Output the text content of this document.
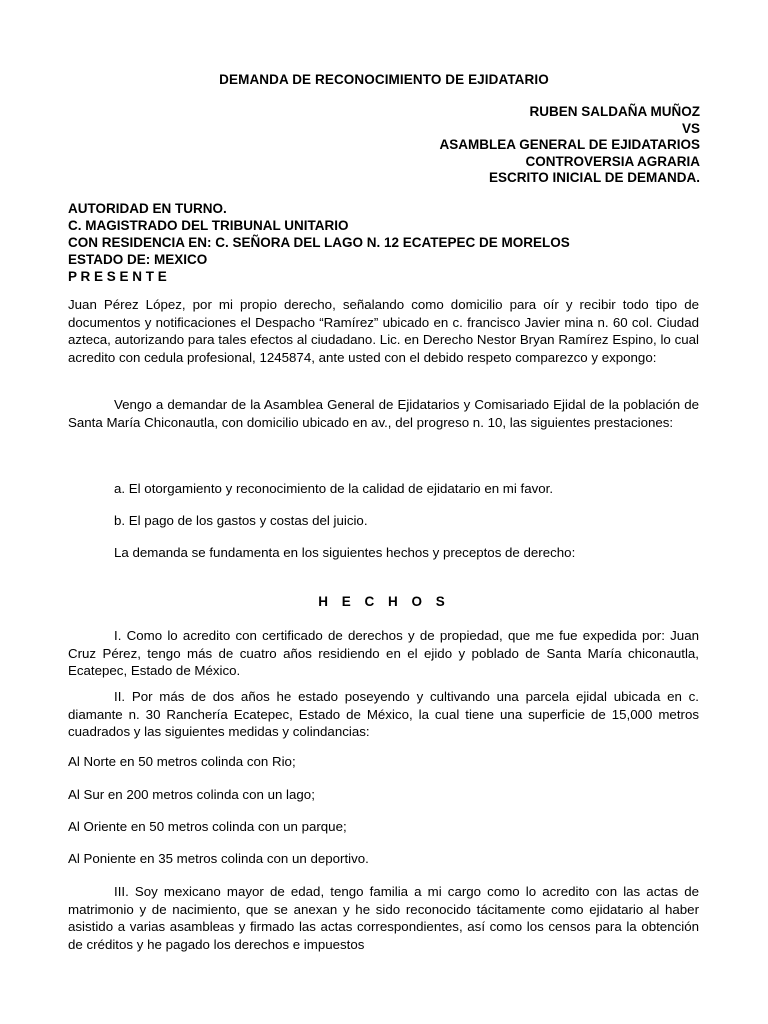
DEMANDA DE RECONOCIMIENTO DE EJIDATARIO
RUBEN SALDAÑA MUÑOZ
VS
ASAMBLEA GENERAL DE EJIDATARIOS
CONTROVERSIA AGRARIA
ESCRITO INICIAL DE DEMANDA.
AUTORIDAD EN TURNO.
C. MAGISTRADO DEL TRIBUNAL UNITARIO
CON RESIDENCIA EN: C. SEÑORA DEL LAGO N. 12 ECATEPEC DE MORELOS
ESTADO DE: MEXICO
P R E S E N T E

Juan Pérez López, por mi propio derecho, señalando como domicilio para oír y recibir todo tipo de documentos y notificaciones el Despacho “Ramírez” ubicado en c. francisco Javier mina n. 60 col. Ciudad azteca, autorizando para tales efectos al ciudadano. Lic. en Derecho Nestor Bryan Ramírez Espino, lo cual acredito con cedula profesional, 1245874, ante usted con el debido respeto comparezco y expongo:

Vengo a demandar de la Asamblea General de Ejidatarios y Comisariado Ejidal de la población de Santa María Chiconautla, con domicilio ubicado en av., del progreso n. 10, las siguientes prestaciones:

a. El otorgamiento y reconocimiento de la calidad de ejidatario en mi favor.
b. El pago de los gastos y costas del juicio.
La demanda se fundamenta en los siguientes hechos y preceptos de derecho:
H E C H O S

I. Como lo acredito con certificado de derechos y de propiedad, que me fue expedida por: Juan Cruz Pérez, tengo más de cuatro años residiendo en el ejido y poblado de Santa María chiconautla, Ecatepec, Estado de México.

II. Por más de dos años he estado poseyendo y cultivando una parcela ejidal ubicada en c. diamante n. 30 Ranchería Ecatepec, Estado de México, la cual tiene una superficie de 15,000 metros cuadrados y las siguientes medidas y colindancias:

Al Norte en 50 metros colinda con Rio;
Al Sur en 200 metros colinda con un lago;
Al Oriente en 50 metros colinda con un parque;
Al Poniente en 35 metros colinda con un deportivo.

III. Soy mexicano mayor de edad, tengo familia a mi cargo como lo acredito con las actas de matrimonio y de nacimiento, que se anexan y he sido reconocido tácitamente como ejidatario al haber asistido a varias asambleas y firmado las actas correspondientes, así como los censos para la obtención de créditos y he pagado los derechos e impuestos
